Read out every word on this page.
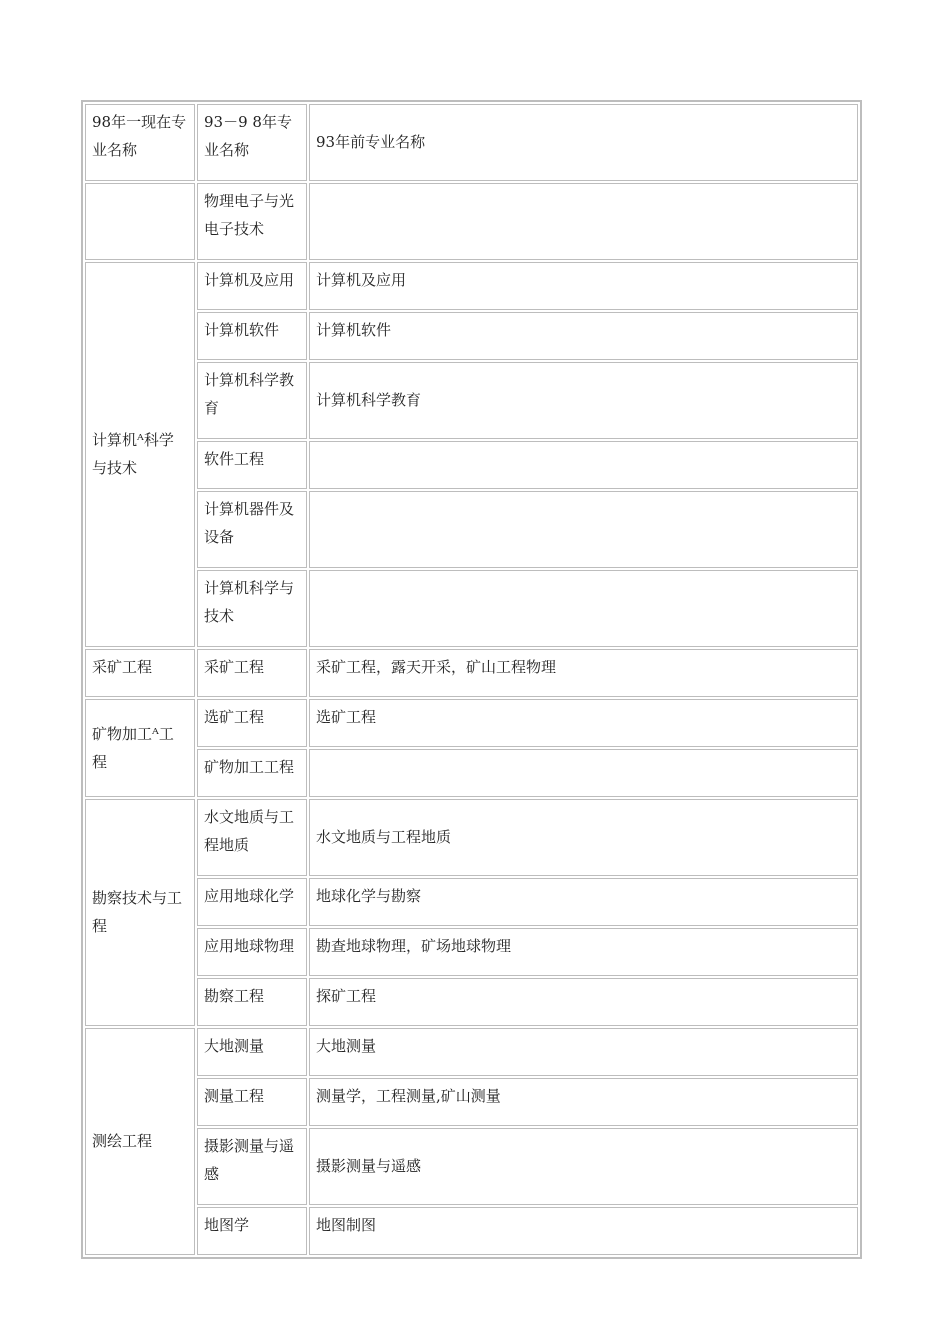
98年一现在专业名称	93－9 8年专业名称	93年前专业名称
	物理电子与光电子技术	
计算机ᴬ科学与技术	计算机及应用	计算机及应用
	计算机软件	计算机软件
	计算机科学教育	计算机科学教育
	软件工程	
	计算机器件及设备	
	计算机科学与技术	
采矿工程	采矿工程	采矿工程，露天开采，矿山工程物理
矿物加工ᴬ工程	选矿工程	选矿工程
	矿物加工工程	
勘察技术与工程	水文地质与工程地质	水文地质与工程地质
	应用地球化学	地球化学与勘察
	应用地球物理	勘查地球物理，矿场地球物理
	勘察工程	探矿工程
测绘工程	大地测量	大地测量
	测量工程	测量学，工程测量,矿山测量
	摄影测量与遥感	摄影测量与遥感
	地图学	地图制图
